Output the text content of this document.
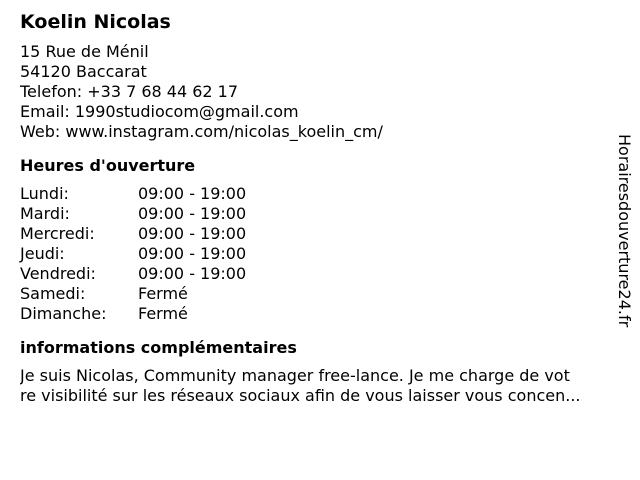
Koelin Nicolas
15 Rue de Ménil
54120 Baccarat
Telefon: +33 7 68 44 62 17
Email: 1990studiocom@gmail.com
Web: www.instagram.com/nicolas_koelin_cm/
Heures d'ouverture
Lundi:	09:00 - 19:00
Mardi:	09:00 - 19:00
Mercredi:	09:00 - 19:00
Jeudi:	09:00 - 19:00
Vendredi:	09:00 - 19:00
Samedi:	Fermé
Dimanche:	Fermé
informations complémentaires
Je suis Nicolas, Community manager free-lance. Je me charge de vot
re visibilité sur les réseaux sociaux afin de vous laisser vous concen...
Horairesdouverture24.fr
